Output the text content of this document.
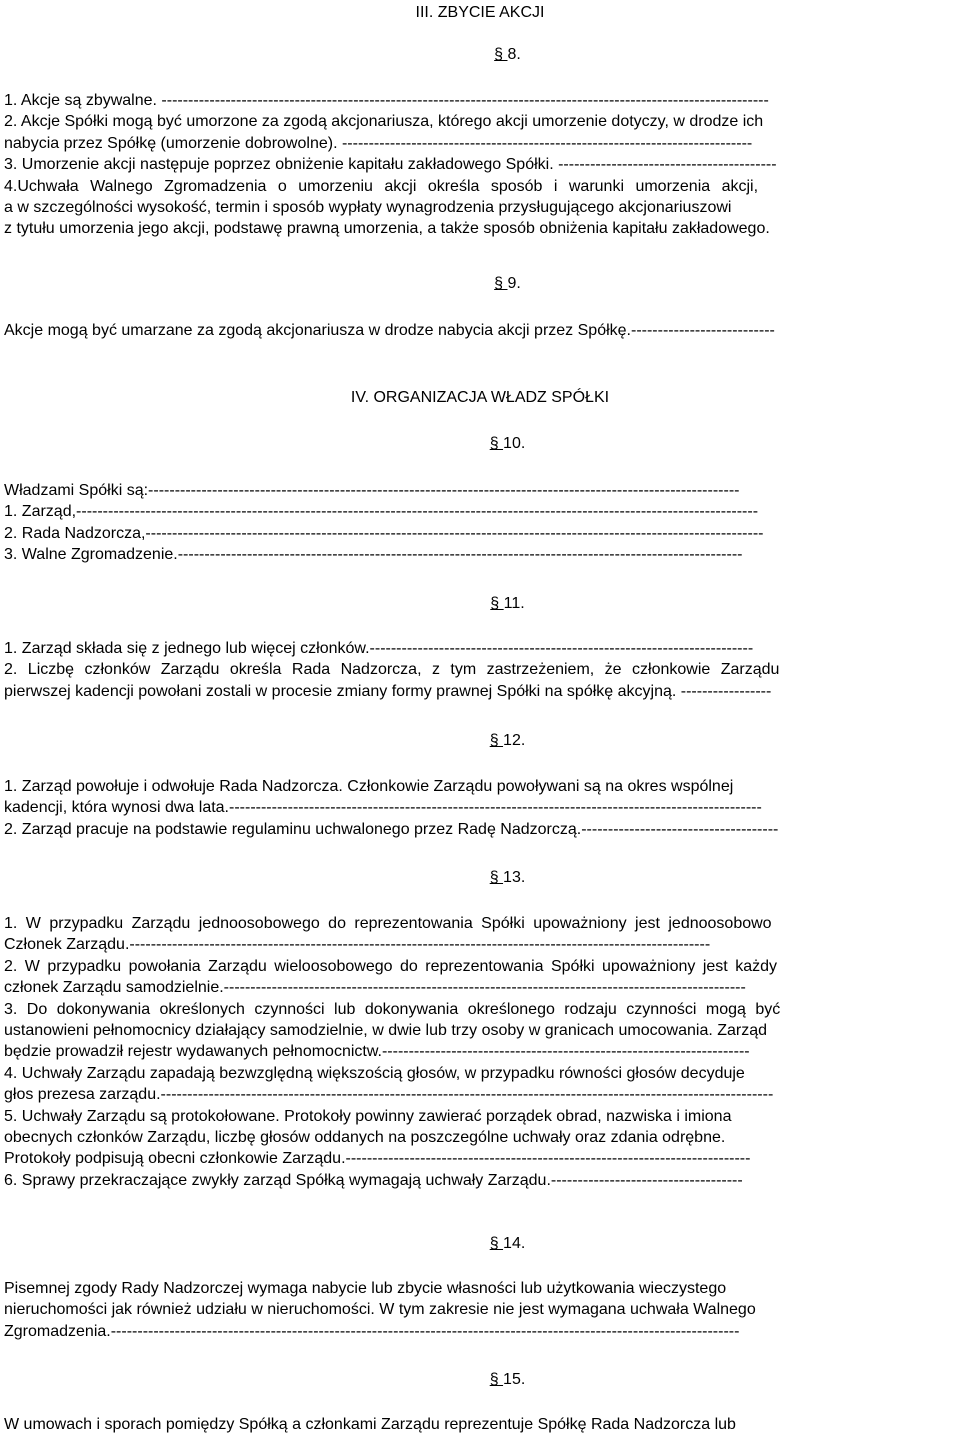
III. ZBYCIE AKCJI
§ 8.
1. Akcje są zbywalne. ------------------------------------------------------------------------------------------------------------------
2. Akcje Spółki mogą być umorzone za zgodą akcjonariusza, którego akcji umorzenie dotyczy, w drodze ich
nabycia przez Spółkę (umorzenie dobrowolne). -----------------------------------------------------------------------------
3. Umorzenie akcji następuje poprzez obniżenie kapitału zakładowego Spółki. -----------------------------------------
4.Uchwała Walnego Zgromadzenia o umorzeniu akcji określa sposób i warunki umorzenia akcji,
a w szczególności wysokość, termin i sposób wypłaty wynagrodzenia przysługującego akcjonariuszowi
z tytułu umorzenia jego akcji, podstawę prawną umorzenia, a także sposób obniżenia kapitału zakładowego.
§ 9.
Akcje mogą być umarzane za zgodą akcjonariusza w drodze nabycia akcji przez Spółkę.---------------------------
IV. ORGANIZACJA WŁADZ SPÓŁKI
§ 10.
Władzami Spółki są:---------------------------------------------------------------------------------------------------------------
1. Zarząd,--------------------------------------------------------------------------------------------------------------------------------
2. Rada Nadzorcza,--------------------------------------------------------------------------------------------------------------------
3. Walne Zgromadzenie.----------------------------------------------------------------------------------------------------------
§ 11.
1. Zarząd składa się z jednego lub więcej członków.------------------------------------------------------------------------
2. Liczbę członków Zarządu określa Rada Nadzorcza, z tym zastrzeżeniem, że członkowie Zarządu
pierwszej kadencji powołani zostali w procesie zmiany formy prawnej Spółki na spółkę akcyjną. -----------------
§ 12.
1. Zarząd powołuje i odwołuje Rada Nadzorcza. Członkowie Zarządu powoływani są na okres wspólnej
kadencji, która wynosi dwa lata.----------------------------------------------------------------------------------------------------
2. Zarząd pracuje na podstawie regulaminu uchwalonego przez Radę Nadzorczą.-------------------------------------
§ 13.
1. W przypadku Zarządu jednoosobowego do reprezentowania Spółki upoważniony jest jednoosobowo
Członek Zarządu.-------------------------------------------------------------------------------------------------------------
2. W przypadku powołania Zarządu wieloosobowego do reprezentowania Spółki upoważniony jest każdy
członek Zarządu samodzielnie.--------------------------------------------------------------------------------------------------
3. Do dokonywania określonych czynności lub dokonywania określonego rodzaju czynności mogą być
ustanowieni pełnomocnicy działający samodzielnie, w dwie lub trzy osoby w granicach umocowania. Zarząd
będzie prowadził rejestr wydawanych pełnomocnictw.---------------------------------------------------------------------
4. Uchwały Zarządu zapadają bezwzględną większością głosów, w przypadku równości głosów decyduje
głos prezesa zarządu.-------------------------------------------------------------------------------------------------------------------
5. Uchwały Zarządu są protokołowane. Protokoły powinny zawierać porządek obrad, nazwiska i imiona
obecnych członków Zarządu, liczbę głosów oddanych na poszczególne uchwały oraz zdania odrębne.
Protokoły podpisują obecni członkowie Zarządu.----------------------------------------------------------------------------
6. Sprawy przekraczające zwykły zarząd Spółką wymagają uchwały Zarządu.------------------------------------
§ 14.
Pisemnej zgody Rady Nadzorczej wymaga nabycie lub zbycie własności lub użytkowania wieczystego
nieruchomości jak również udziału w nieruchomości. W tym zakresie nie jest wymagana uchwała Walnego
Zgromadzenia.----------------------------------------------------------------------------------------------------------------------
§ 15.
W umowach i sporach pomiędzy Spółką a członkami Zarządu reprezentuje Spółkę Rada Nadzorcza lub
